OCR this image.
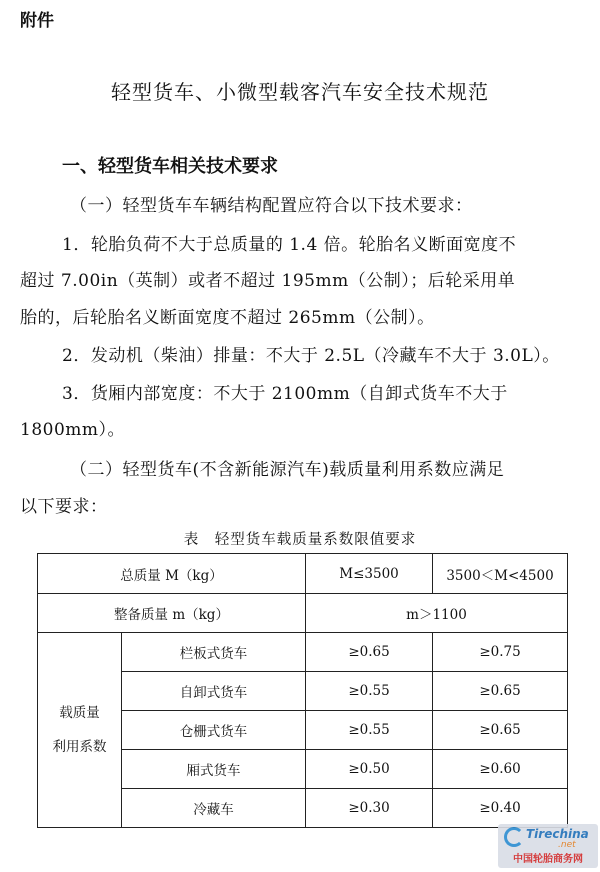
附件
轻型货车、小微型载客汽车安全技术规范
一、轻型货车相关技术要求
（一）轻型货车车辆结构配置应符合以下技术要求：
1．轮胎负荷不大于总质量的 1.4 倍。轮胎名义断面宽度不
超过 7.00in（英制）或者不超过 195mm（公制）；后轮采用单
胎的，后轮胎名义断面宽度不超过 265mm（公制）。
2．发动机（柴油）排量：不大于 2.5L（冷藏车不大于 3.0L）。
3．货厢内部宽度：不大于 2100mm（自卸式货车不大于
1800mm）。
（二）轻型货车(不含新能源汽车)载质量利用系数应满足
以下要求：
表　轻型货车载质量系数限值要求
总质量 M（kg）		M≤3500	3500＜M<4500
整备质量 m（kg）		m＞1100	

载质量
利用系数	栏板式货车	≥0.65	≥0.75
	自卸式货车	≥0.55	≥0.65
	仓栅式货车	≥0.55	≥0.65
	厢式货车	≥0.50	≥0.60
	冷藏车	≥0.30	≥0.40
Tirechina
.net
中国轮胎商务网
